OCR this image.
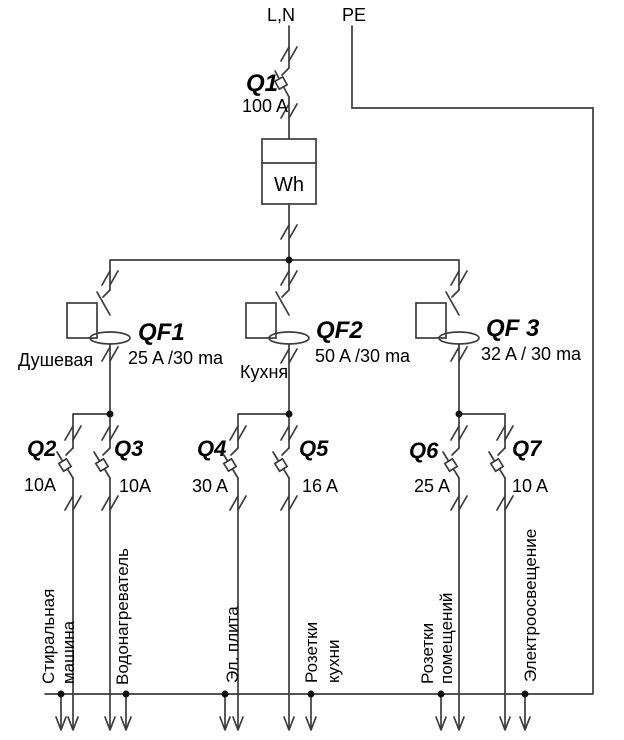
L,N	PE
Q1
100 A
Wh
QF1
25 A /30 ma
Душевая
QF2
50 A /30 ma
Кухня
QF 3
32 A / 30 ma
Q2
10A
Q3
10A
Q4
30 A
Q5
16 A
Q6
25 A
Q7
10 A
Стиральная машина Водонагреватель	Эл. плита	Розетки кухни	Розетки помещений	Электроосвещение
